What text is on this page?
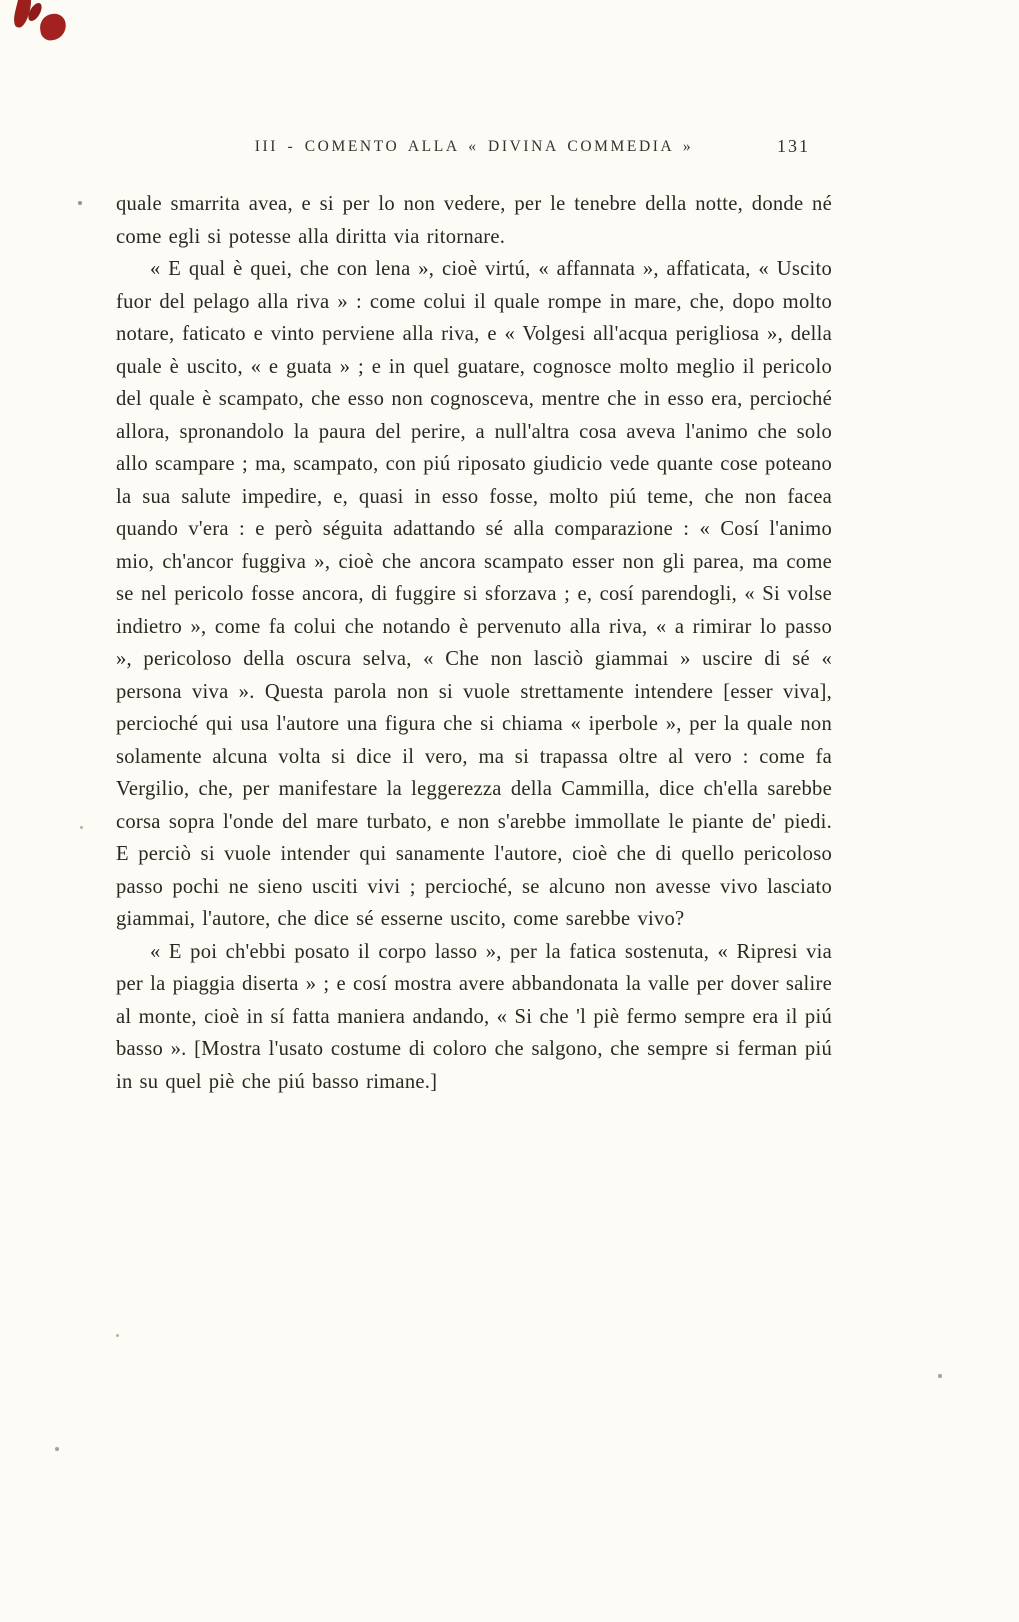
III - COMENTO ALLA « DIVINA COMMEDIA »	131

quale smarrita avea, e si per lo non vedere, per le tenebre della notte, donde né come egli si potesse alla diritta via ritornare.

« E qual è quei, che con lena », cioè virtú, « affannata », affaticata, « Uscito fuor del pelago alla riva » : come colui il quale rompe in mare, che, dopo molto notare, faticato e vinto perviene alla riva, e « Volgesi all'acqua perigliosa », della quale è uscito, « e guata » ; e in quel guatare, cognosce molto meglio il pericolo del quale è scampato, che esso non cognosceva, mentre che in esso era, percioché allora, spronandolo la paura del perire, a null'altra cosa aveva l'animo che solo allo scampare ; ma, scampato, con piú riposato giudicio vede quante cose poteano la sua salute impedire, e, quasi in esso fosse, molto piú teme, che non facea quando v'era : e però séguita adattando sé alla comparazione : « Cosí l'animo mio, ch'ancor fuggiva », cioè che ancora scampato esser non gli parea, ma come se nel pericolo fosse ancora, di fuggire si sforzava ; e, cosí parendogli, « Si volse indietro », come fa colui che notando è pervenuto alla riva, « a rimirar lo passo », pericoloso della oscura selva, « Che non lasciò giammai » uscire di sé « persona viva ». Questa parola non si vuole strettamente intendere [esser viva], percioché qui usa l'autore una figura che si chiama « iperbole », per la quale non solamente alcuna volta si dice il vero, ma si trapassa oltre al vero : come fa Vergilio, che, per manifestare la leggerezza della Cammilla, dice ch'ella sarebbe corsa sopra l'onde del mare turbato, e non s'arebbe immollate le piante de' piedi. E perciò si vuole intender qui sanamente l'autore, cioè che di quello pericoloso passo pochi ne sieno usciti vivi ; percioché, se alcuno non avesse vivo lasciato giammai, l'autore, che dice sé esserne uscito, come sarebbe vivo?

« E poi ch'ebbi posato il corpo lasso », per la fatica sostenuta, « Ripresi via per la piaggia diserta » ; e cosí mostra avere abbandonata la valle per dover salire al monte, cioè in sí fatta maniera andando, « Si che 'l piè fermo sempre era il piú basso ». [Mostra l'usato costume di coloro che salgono, che sempre si ferman piú in su quel piè che piú basso rimane.]
